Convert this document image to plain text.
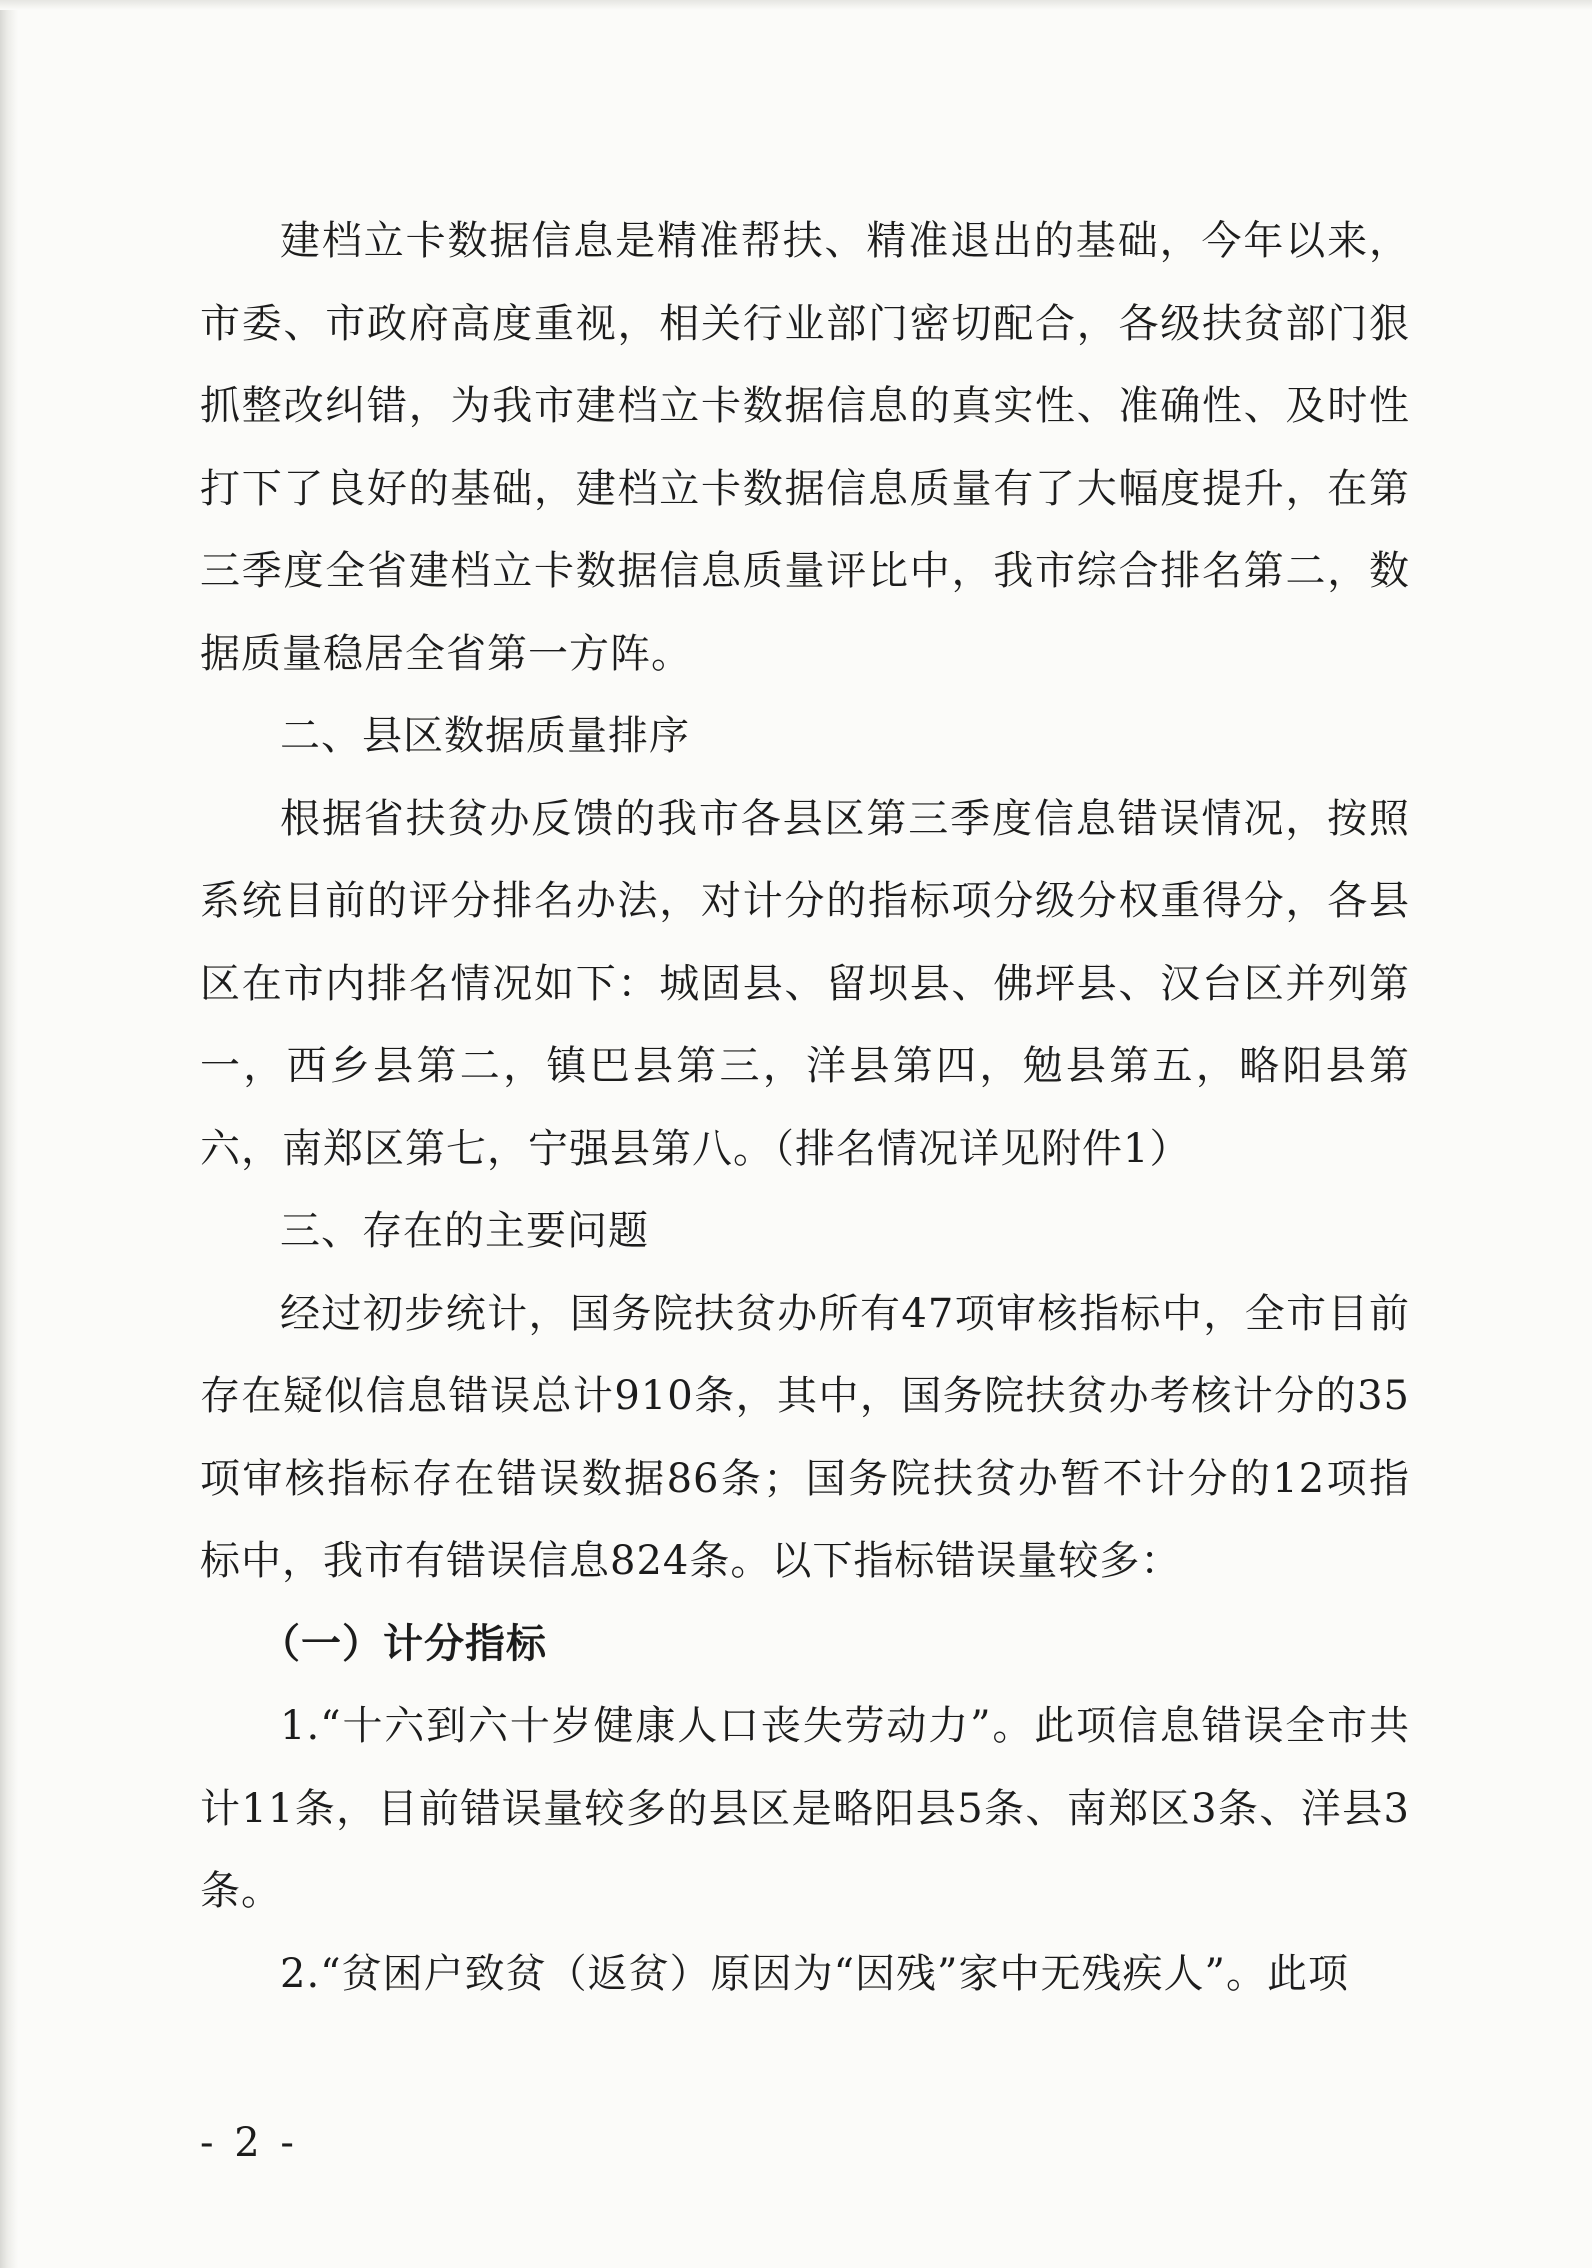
建档立卡数据信息是精准帮扶、精准退出的基础，今年以来，市委、市政府高度重视，相关行业部门密切配合，各级扶贫部门狠抓整改纠错，为我市建档立卡数据信息的真实性、准确性、及时性打下了良好的基础，建档立卡数据信息质量有了大幅度提升，在第三季度全省建档立卡数据信息质量评比中，我市综合排名第二，数据质量稳居全省第一方阵。

二、县区数据质量排序

根据省扶贫办反馈的我市各县区第三季度信息错误情况，按照系统目前的评分排名办法，对计分的指标项分级分权重得分，各县区在市内排名情况如下：城固县、留坝县、佛坪县、汉台区并列第一，西乡县第二，镇巴县第三，洋县第四，勉县第五，略阳县第六，南郑区第七，宁强县第八。（排名情况详见附件1）

三、存在的主要问题

经过初步统计，国务院扶贫办所有47项审核指标中，全市目前存在疑似信息错误总计910条，其中，国务院扶贫办考核计分的35项审核指标存在错误数据86条；国务院扶贫办暂不计分的12项指标中，我市有错误信息824条。以下指标错误量较多：

（一）计分指标

1.“十六到六十岁健康人口丧失劳动力”。此项信息错误全市共计11条，目前错误量较多的县区是略阳县5条、南郑区3条、洋县3条。

2.“贫困户致贫（返贫）原因为“因残”家中无残疾人”。此项

- 2 -
